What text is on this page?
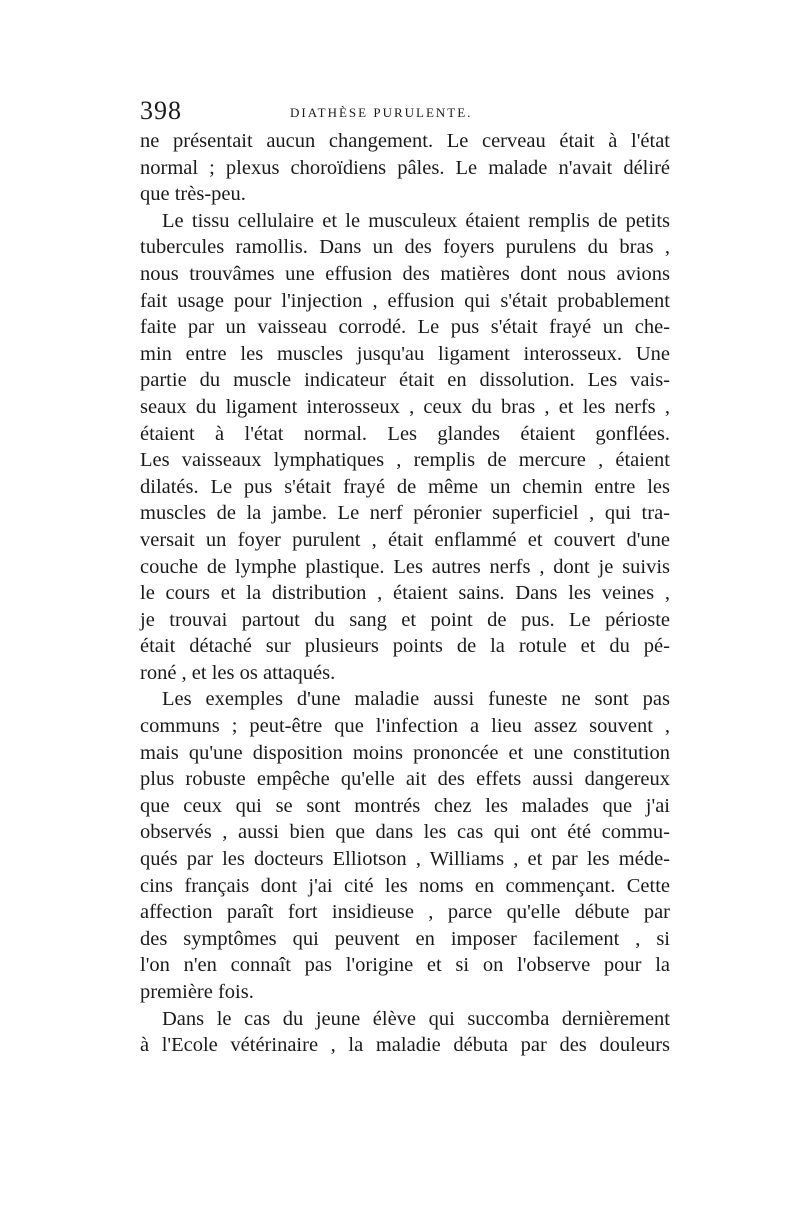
398	DIATHÈSE PURULENTE.
ne présentait aucun changement. Le cerveau était à l'état
normal ; plexus choroïdiens pâles. Le malade n'avait déliré
que très-peu.
Le tissu cellulaire et le musculeux étaient remplis de petits
tubercules ramollis. Dans un des foyers purulens du bras ,
nous trouvâmes une effusion des matières dont nous avions
fait usage pour l'injection , effusion qui s'était probablement
faite par un vaisseau corrodé. Le pus s'était frayé un che-
min entre les muscles jusqu'au ligament interosseux. Une
partie du muscle indicateur était en dissolution. Les vais-
seaux du ligament interosseux , ceux du bras , et les nerfs ,
étaient à l'état normal. Les glandes étaient gonflées.
Les vaisseaux lymphatiques , remplis de mercure , étaient
dilatés. Le pus s'était frayé de même un chemin entre les
muscles de la jambe. Le nerf péronier superficiel , qui tra-
versait un foyer purulent , était enflammé et couvert d'une
couche de lymphe plastique. Les autres nerfs , dont je suivis
le cours et la distribution , étaient sains. Dans les veines ,
je trouvai partout du sang et point de pus. Le périoste
était détaché sur plusieurs points de la rotule et du pé-
roné , et les os attaqués.
Les exemples d'une maladie aussi funeste ne sont pas
communs ; peut-être que l'infection a lieu assez souvent ,
mais qu'une disposition moins prononcée et une constitution
plus robuste empêche qu'elle ait des effets aussi dangereux
que ceux qui se sont montrés chez les malades que j'ai
observés , aussi bien que dans les cas qui ont été commu-
qués par les docteurs Elliotson , Williams , et par les méde-
cins français dont j'ai cité les noms en commençant. Cette
affection paraît fort insidieuse , parce qu'elle débute par
des symptômes qui peuvent en imposer facilement , si
l'on n'en connaît pas l'origine et si on l'observe pour la
première fois.
Dans le cas du jeune élève qui succomba dernièrement
à l'Ecole vétérinaire , la maladie débuta par des douleurs
